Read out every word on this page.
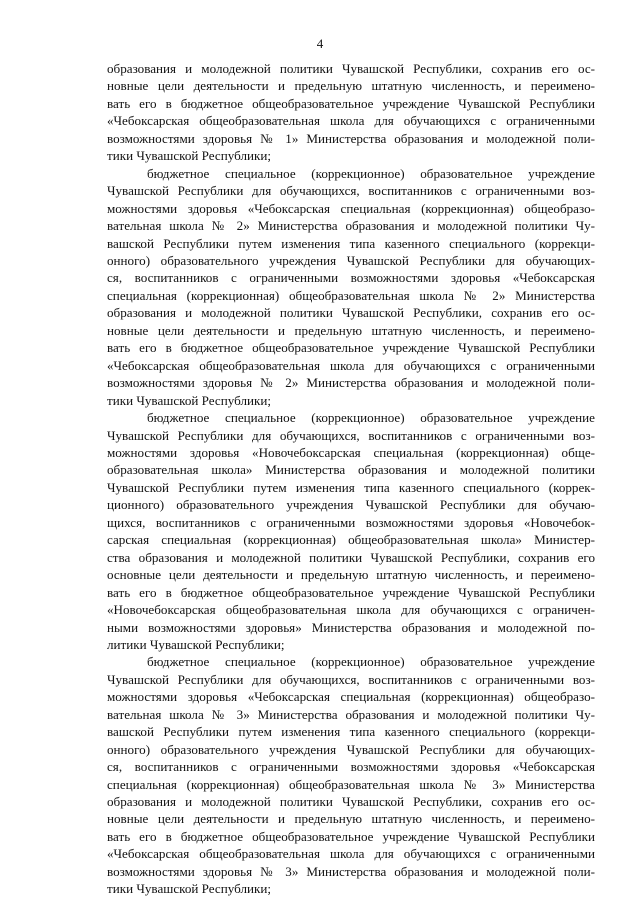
4

образования и молодежной политики Чувашской Республики, сохранив его ос-
новные цели деятельности и предельную штатную численность, и переимено-
вать его в бюджетное общеобразовательное учреждение Чувашской Республики
«Чебоксарская общеобразовательная школа для обучающихся с ограниченными
возможностями здоровья № 1» Министерства образования и молодежной поли-
тики Чувашской Республики;

бюджетное специальное (коррекционное) образовательное учреждение
Чувашской Республики для обучающихся, воспитанников с ограниченными воз-
можностями здоровья «Чебоксарская специальная (коррекционная) общеобразо-
вательная школа № 2» Министерства образования и молодежной политики Чу-
вашской Республики путем изменения типа казенного специального (коррекци-
онного) образовательного учреждения Чувашской Республики для обучающих-
ся, воспитанников с ограниченными возможностями здоровья «Чебоксарская
специальная (коррекционная) общеобразовательная школа № 2» Министерства
образования и молодежной политики Чувашской Республики, сохранив его ос-
новные цели деятельности и предельную штатную численность, и переимено-
вать его в бюджетное общеобразовательное учреждение Чувашской Республики
«Чебоксарская общеобразовательная школа для обучающихся с ограниченными
возможностями здоровья № 2» Министерства образования и молодежной поли-
тики Чувашской Республики;

бюджетное специальное (коррекционное) образовательное учреждение
Чувашской Республики для обучающихся, воспитанников с ограниченными воз-
можностями здоровья «Новочебоксарская специальная (коррекционная) обще-
образовательная школа» Министерства образования и молодежной политики
Чувашской Республики путем изменения типа казенного специального (коррек-
ционного) образовательного учреждения Чувашской Республики для обучаю-
щихся, воспитанников с ограниченными возможностями здоровья «Новочебок-
сарская специальная (коррекционная) общеобразовательная школа» Министер-
ства образования и молодежной политики Чувашской Республики, сохранив его
основные цели деятельности и предельную штатную численность, и переимено-
вать его в бюджетное общеобразовательное учреждение Чувашской Республики
«Новочебоксарская общеобразовательная школа для обучающихся с ограничен-
ными возможностями здоровья» Министерства образования и молодежной по-
литики Чувашской Республики;

бюджетное специальное (коррекционное) образовательное учреждение
Чувашской Республики для обучающихся, воспитанников с ограниченными воз-
можностями здоровья «Чебоксарская специальная (коррекционная) общеобразо-
вательная школа № 3» Министерства образования и молодежной политики Чу-
вашской Республики путем изменения типа казенного специального (коррекци-
онного) образовательного учреждения Чувашской Республики для обучающих-
ся, воспитанников с ограниченными возможностями здоровья «Чебоксарская
специальная (коррекционная) общеобразовательная школа № 3» Министерства
образования и молодежной политики Чувашской Республики, сохранив его ос-
новные цели деятельности и предельную штатную численность, и переимено-
вать его в бюджетное общеобразовательное учреждение Чувашской Республики
«Чебоксарская общеобразовательная школа для обучающихся с ограниченными
возможностями здоровья № 3» Министерства образования и молодежной поли-
тики Чувашской Республики;
